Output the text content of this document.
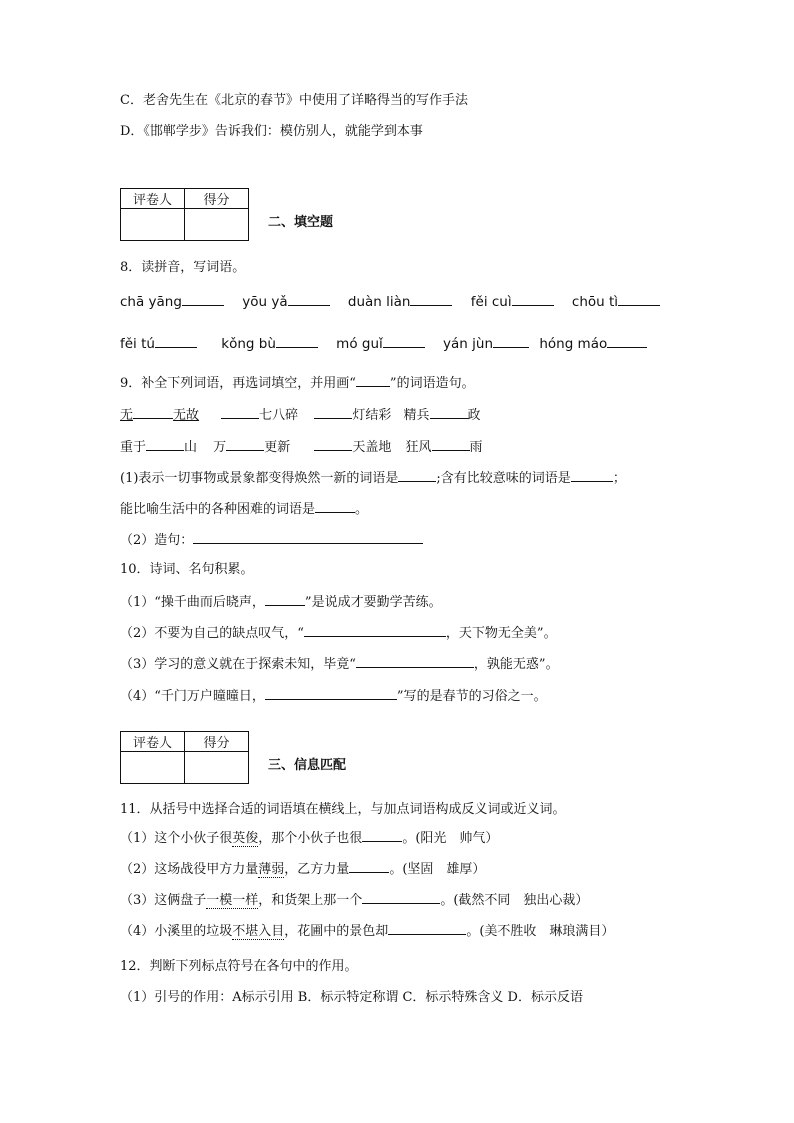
C．老舍先生在《北京的春节》中使用了详略得当的写作手法
D．《邯郸学步》告诉我们：模仿别人，就能学到本事
评卷人	得分

二、填空题
8．读拼音，写词语。
chā yāng	yōu yǎ	duàn liàn	fěi cuì	chōu tì
fěi tú	kǒng bù	mó guǐ	yán jùn	hóng máo
9．补全下列词语，再选词填空，并用画“	”的词语造句。
无	无故	七八碎	灯结彩 精兵	政
重于	山 万	更新	天盖地 狂风	雨
(1)表示一切事物或景象都变得焕然一新的词语是	;含有比较意味的词语是	；
能比喻生活中的各种困难的词语是	。
（2）造句：
10．诗词、名句积累。
（1）“操千曲而后晓声，	”是说成才要勤学苦练。
（2）不要为自己的缺点叹气，“	，天下物无全美”。
（3）学习的意义就在于探索未知，毕竟“	，孰能无惑”。
（4）“千门万户曈曈日，	”写的是春节的习俗之一。
评卷人	得分

三、信息匹配
11．从括号中选择合适的词语填在横线上，与加点词语构成反义词或近义词。
（1）这个小伙子很英俊，那个小伙子也很	。(阳光　帅气）
（2）这场战役甲方力量薄弱，乙方力量	。(坚固　雄厚）
（3）这俩盘子一模一样，和货架上那一个	。(截然不同　独出心裁）
（4）小溪里的垃圾不堪入目，花圃中的景色却	。(美不胜收　琳琅满目）
12．判断下列标点符号在各句中的作用。
（1）引号的作用：A标示引用 B．标示特定称谓 C．标示特殊含义 D．标示反语
